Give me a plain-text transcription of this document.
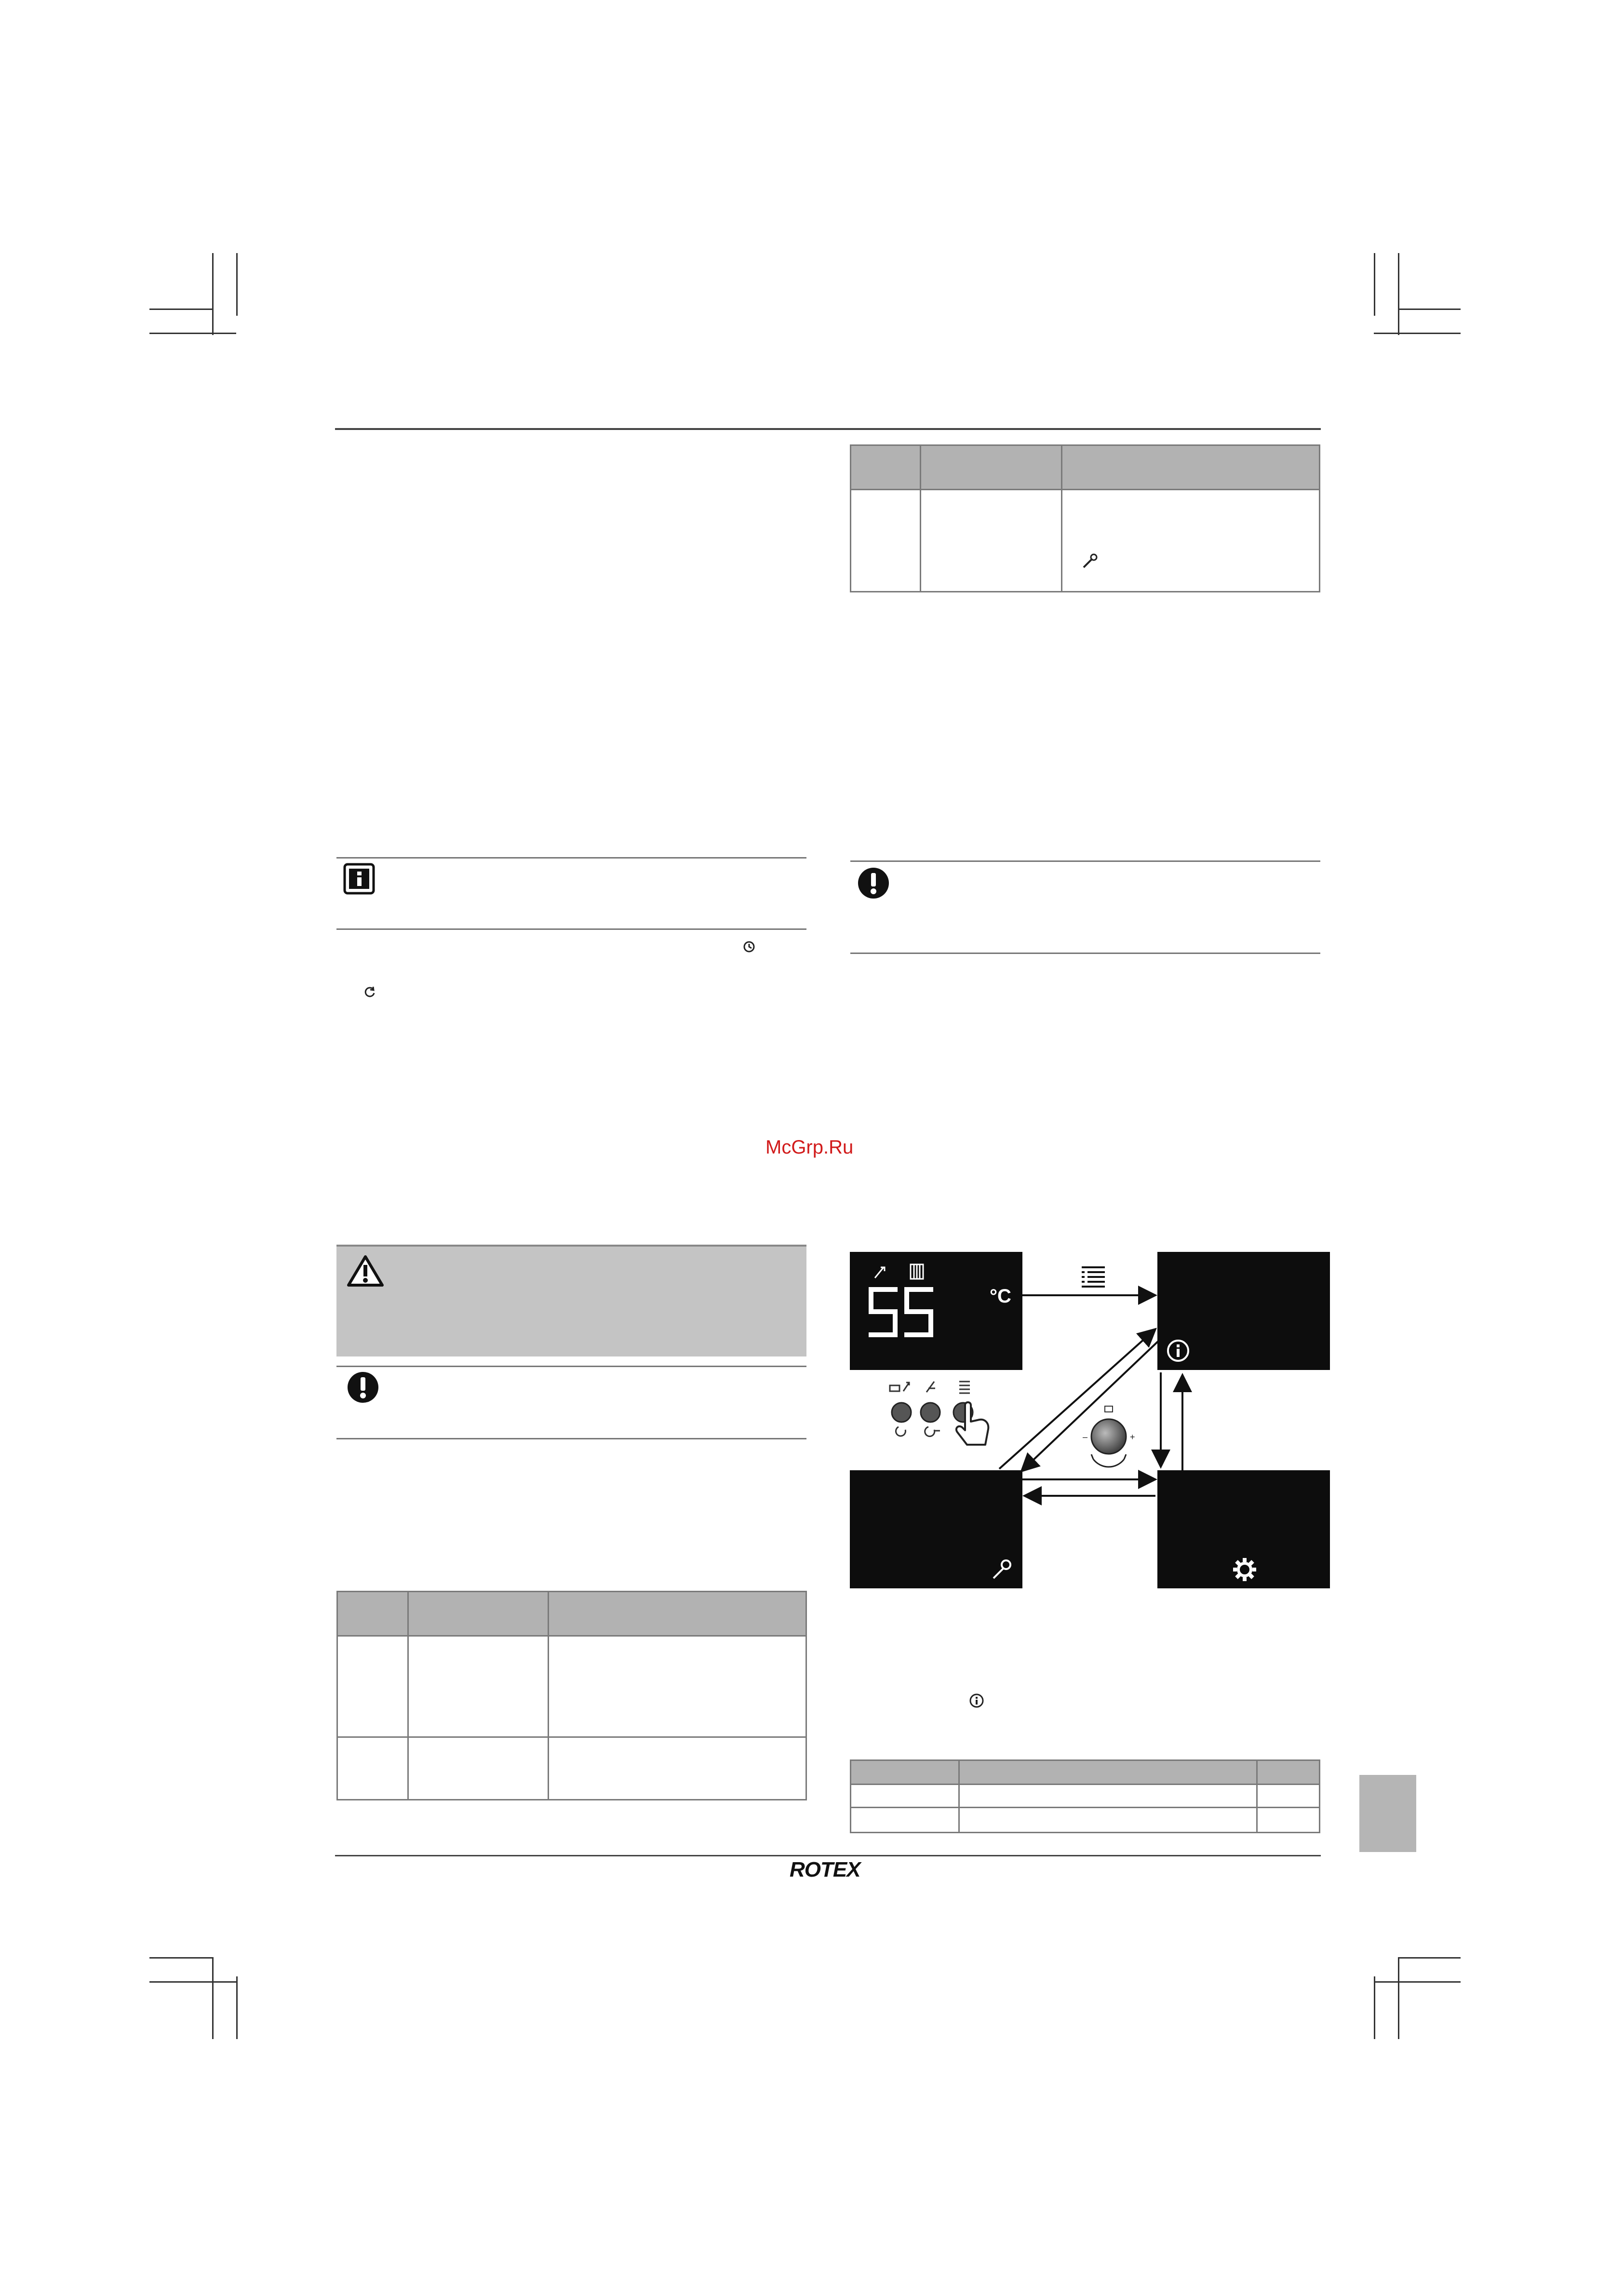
McGrp.Ru

°C
–	+

ROTEX
